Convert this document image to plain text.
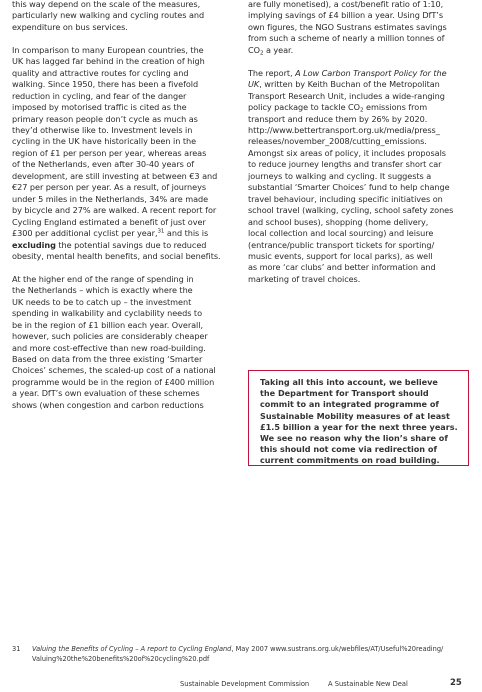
this way depend on the scale of the measures,
particularly new walking and cycling routes and
expenditure on bus services.
In comparison to many European countries, the
UK has lagged far behind in the creation of high
quality and attractive routes for cycling and
walking. Since 1950, there has been a fivefold
reduction in cycling, and fear of the danger
imposed by motorised traffic is cited as the
primary reason people don’t cycle as much as
they’d otherwise like to. Investment levels in
cycling in the UK have historically been in the
region of £1 per person per year, whereas areas
of the Netherlands, even after 30-40 years of
development, are still investing at between €3 and
€27 per person per year. As a result, of journeys
under 5 miles in the Netherlands, 34% are made
by bicycle and 27% are walked. A recent report for
Cycling England estimated a benefit of just over
£300 per additional cyclist per year,$^{31}$ and this is
excluding the potential savings due to reduced
obesity, mental health benefits, and social benefits.
At the higher end of the range of spending in
the Netherlands – which is exactly where the
UK needs to be to catch up – the investment
spending in walkability and cyclability needs to
be in the region of £1 billion each year. Overall,
however, such policies are considerably cheaper
and more cost-effective than new road-building.
Based on data from the three existing ‘Smarter
Choices’ schemes, the scaled-up cost of a national
programme would be in the region of £400 million
a year. DfT’s own evaluation of these schemes
shows (when congestion and carbon reductions
are fully monetised), a cost/benefit ratio of 1:10,
implying savings of £4 billion a year. Using DfT’s
own figures, the NGO Sustrans estimates savings
from such a scheme of nearly a million tonnes of
$CO_2$ a year.
The report, A Low Carbon Transport Policy for the
UK, written by Keith Buchan of the Metropolitan
Transport Research Unit, includes a wide-ranging
policy package to tackle $CO_2$ emissions from
transport and reduce them by 26% by 2020.
http://www.bettertransport.org.uk/media/press_
releases/november_2008/cutting_emissions.
Amongst six areas of policy, it includes proposals
to reduce journey lengths and transfer short car
journeys to walking and cycling. It suggests a
substantial ‘Smarter Choices’ fund to help change
travel behaviour, including specific initiatives on
school travel (walking, cycling, school safety zones
and school buses), shopping (home delivery,
local collection and local sourcing) and leisure
(entrance/public transport tickets for sporting/
music events, support for local parks), as well
as more ‘car clubs’ and better information and
marketing of travel choices.
Taking all this into account, we believe
the Department for Transport should
commit to an integrated programme of
Sustainable Mobility measures of at least
£1.5 billion a year for the next three years.
We see no reason why the lion’s share of
this should not come via redirection of
current commitments on road building.
31 Valuing the Benefits of Cycling – A report to Cycling England, May 2007 www.sustrans.org.uk/webfiles/AT/Useful%20reading/
Valuing%20the%20benefits%20of%20cycling%20.pdf
Sustainable Development Commission	A Sustainable New Deal	25
